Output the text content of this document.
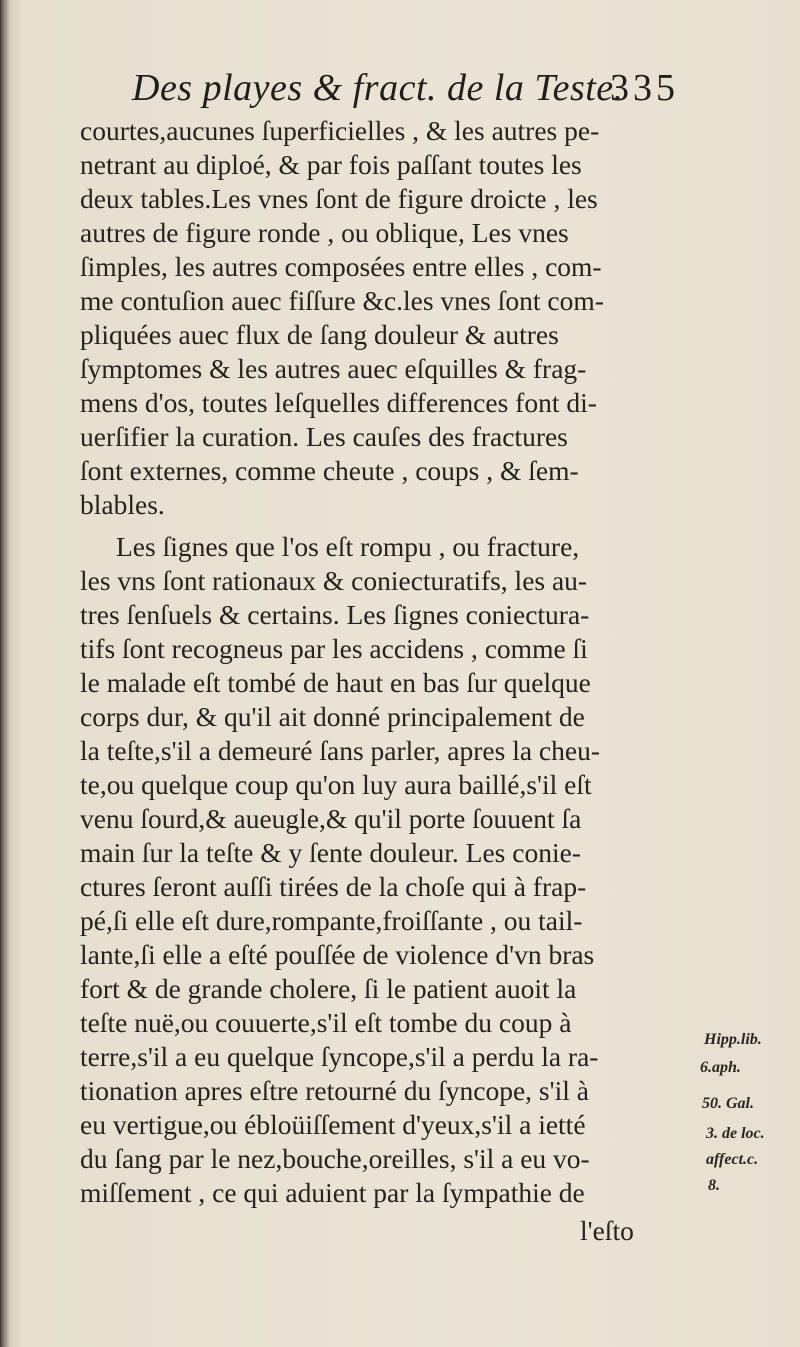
Des playes & fract. de la Teste.
335
courtes,aucunes ſuperficielles , & les autres pe-
netrant au diploé, & par fois paſſant toutes les
deux tables.Les vnes ſont de figure droicte , les
autres de figure ronde , ou oblique, Les vnes
ſimples, les autres composées entre elles , com-
me contuſion auec fiſſure &c.les vnes ſont com-
pliquées auec flux de ſang douleur & autres
ſymptomes & les autres auec eſquilles & frag-
mens d'os, toutes leſquelles differences font di-
uerſifier la curation. Les cauſes des fractures
ſont externes, comme cheute , coups , & ſem-
blables.
Les ſignes que l'os eſt rompu , ou fracture,
les vns ſont rationaux & coniecturatifs, les au-
tres ſenſuels & certains. Les ſignes coniectura-
tifs ſont recogneus par les accidens , comme ſi
le malade eſt tombé de haut en bas ſur quelque
corps dur, & qu'il ait donné principalement de
la teſte,s'il a demeuré ſans parler, apres la cheu-
te,ou quelque coup qu'on luy aura baillé,s'il eſt
venu ſourd,& aueugle,& qu'il porte ſouuent ſa
main ſur la teſte & y ſente douleur. Les conie-
ctures ſeront auſſi tirées de la choſe qui à frap-
pé,ſi elle eſt dure,rompante,froiſſante , ou tail-
lante,ſi elle a eſté pouſſée de violence d'vn bras
fort & de grande cholere, ſi le patient auoit la
teſte nuë,ou couuerte,s'il eſt tombe du coup à
terre,s'il a eu quelque ſyncope,s'il a perdu la ra-
tionation apres eſtre retourné du ſyncope, s'il à
eu vertigue,ou ébloüiſſement d'yeux,s'il a ietté
du ſang par le nez,bouche,oreilles, s'il a eu vo-
miſſement , ce qui aduient par la ſympathie de
l'eſto
Hipp.lib.
6.aph.
50. Gal.
3. de loc.
affect.c.
8.
